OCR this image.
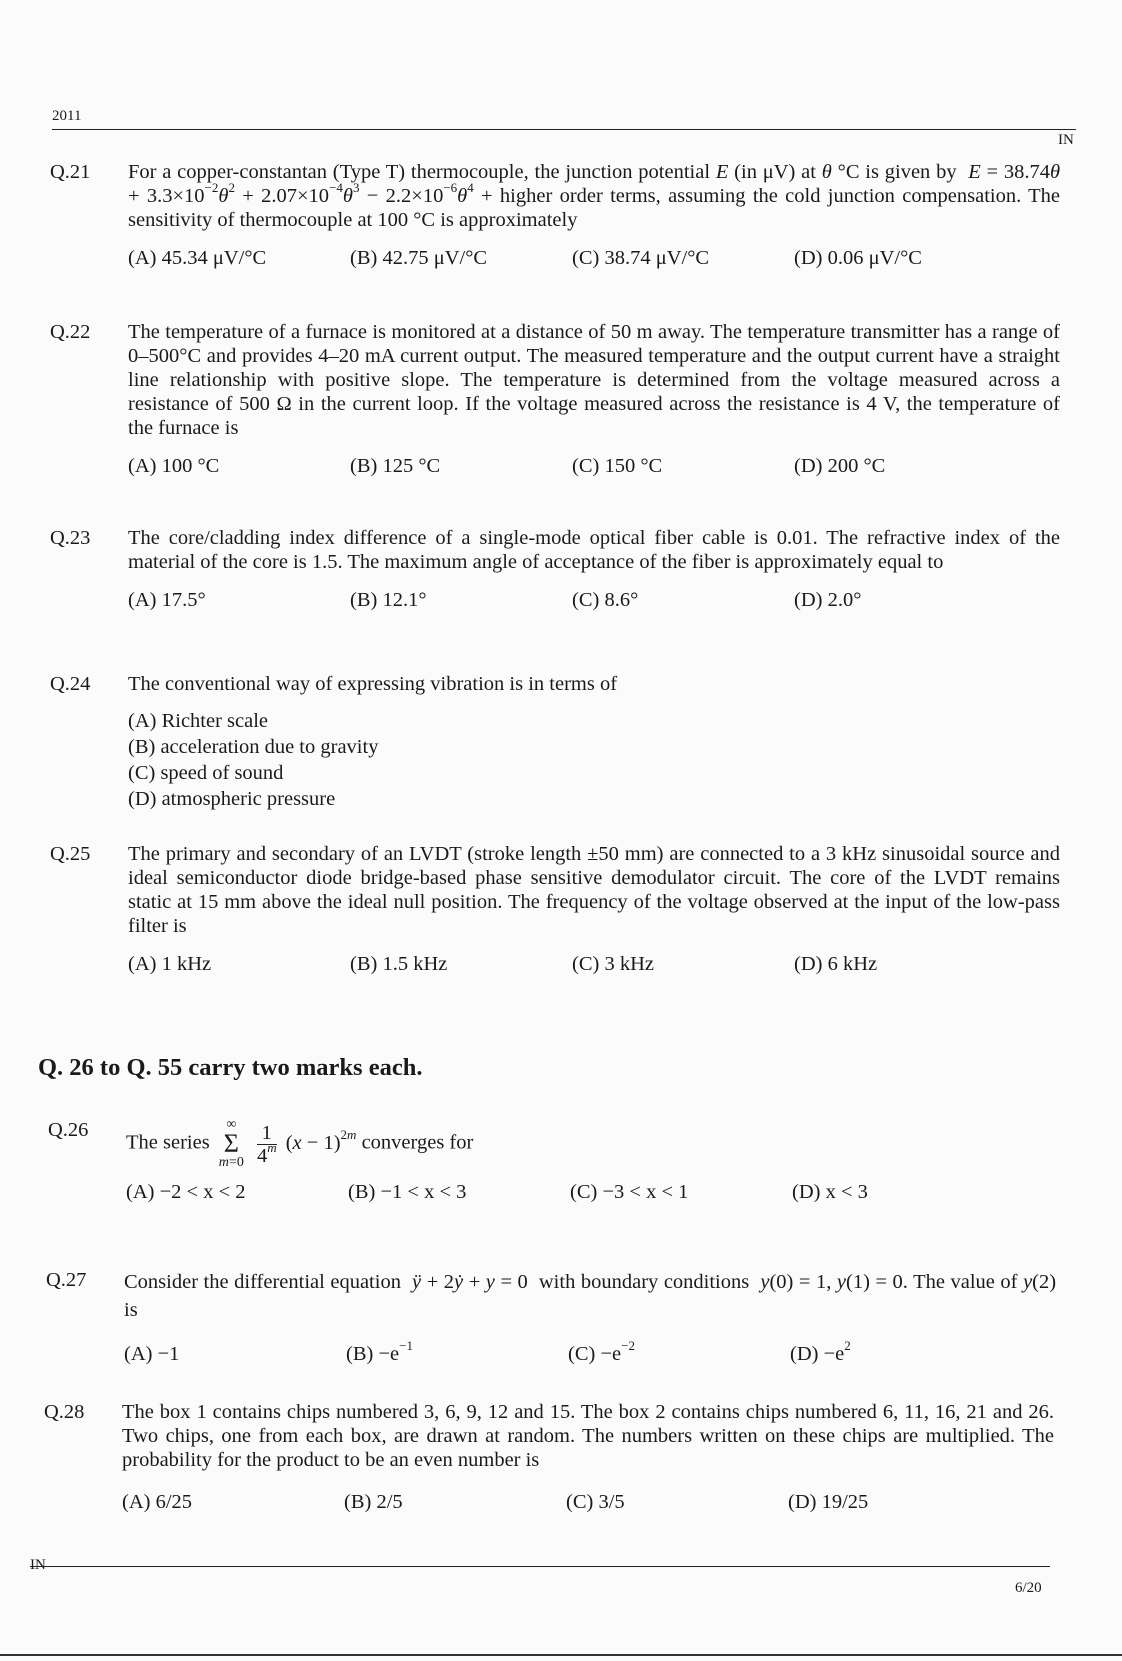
2011
IN
Q.21	For a copper-constantan (Type T) thermocouple, the junction potential E (in μV) at θ °C is given by $E = 38.74\theta + 3.3\times 10^{-2}\theta^2 + 2.07\times 10^{-4}\theta^3 - 2.2\times 10^{-6}\theta^4$ + higher order terms, assuming the cold junction compensation. The sensitivity of thermocouple at 100 °C is approximately
(A) 45.34 μV/°C	(B) 42.75 μV/°C	(C) 38.74 μV/°C	(D) 0.06 μV/°C
Q.22	The temperature of a furnace is monitored at a distance of 50 m away. The temperature transmitter has a range of 0–500°C and provides 4–20 mA current output. The measured temperature and the output current have a straight line relationship with positive slope. The temperature is determined from the voltage measured across a resistance of 500 Ω in the current loop. If the voltage measured across the resistance is 4 V, the temperature of the furnace is
(A) 100 °C	(B) 125 °C	(C) 150 °C	(D) 200 °C
Q.23	The core/cladding index difference of a single-mode optical fiber cable is 0.01. The refractive index of the material of the core is 1.5. The maximum angle of acceptance of the fiber is approximately equal to
(A) 17.5°	(B) 12.1°	(C) 8.6°	(D) 2.0°
Q.24	The conventional way of expressing vibration is in terms of
(A) Richter scale
(B) acceleration due to gravity
(C) speed of sound
(D) atmospheric pressure
Q.25	The primary and secondary of an LVDT (stroke length ±50 mm) are connected to a 3 kHz sinusoidal source and ideal semiconductor diode bridge-based phase sensitive demodulator circuit. The core of the LVDT remains static at 15 mm above the ideal null position. The frequency of the voltage observed at the input of the low-pass filter is
(A) 1 kHz	(B) 1.5 kHz	(C) 3 kHz	(D) 6 kHz
Q. 26 to Q. 55 carry two marks each.
Q.26
The series
∞
Σ
m=0
$\frac{1}{4^m} (x - 1)^{2m}$ converges for
(A) −2 < x < 2	(B) −1 < x < 3	(C) −3 < x < 1	(D) x < 3
Q.27	Consider the differential equation ÿ + 2ẏ + y = 0  with boundary conditions y(0) = 1, y(1) = 0. The value of y(2) is
(A) −1	$(B) -e^{-1}$	$(C) -e^{-2}$	$(D) -e^2$
Q.28	The box 1 contains chips numbered 3, 6, 9, 12 and 15. The box 2 contains chips numbered 6, 11, 16, 21 and 26. Two chips, one from each box, are drawn at random. The numbers written on these chips are multiplied. The probability for the product to be an even number is
(A) 6/25	(B) 2/5	(C) 3/5	(D) 19/25
IN
6/20
